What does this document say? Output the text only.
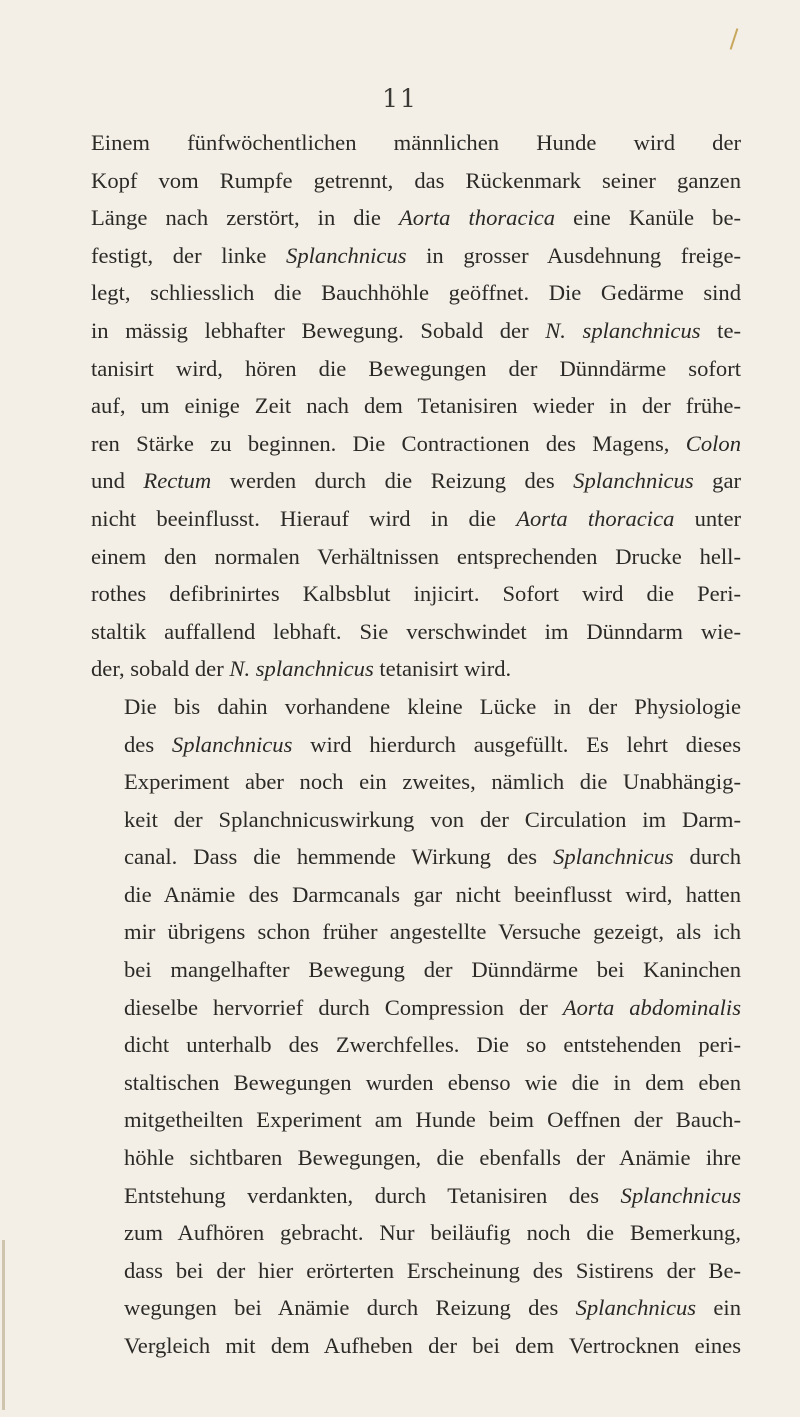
11

Einem fünfwöchentlichen männlichen Hunde wird der
Kopf vom Rumpfe getrennt, das Rückenmark seiner ganzen
Länge nach zerstört, in die Aorta thoracica eine Kanüle be-
festigt, der linke Splanchnicus in grosser Ausdehnung freige-
legt, schliesslich die Bauchhöhle geöffnet. Die Gedärme sind
in mässig lebhafter Bewegung. Sobald der N. splanchnicus te-
tanisirt wird, hören die Bewegungen der Dünndärme sofort
auf, um einige Zeit nach dem Tetanisiren wieder in der frühe-
ren Stärke zu beginnen. Die Contractionen des Magens, Colon
und Rectum werden durch die Reizung des Splanchnicus gar
nicht beeinflusst. Hierauf wird in die Aorta thoracica unter
einem den normalen Verhältnissen entsprechenden Drucke hell-
rothes defibrinirtes Kalbsblut injicirt. Sofort wird die Peri-
staltik auffallend lebhaft. Sie verschwindet im Dünndarm wie-
der, sobald der N. splanchnicus tetanisirt wird.

Die bis dahin vorhandene kleine Lücke in der Physiologie
des Splanchnicus wird hierdurch ausgefüllt. Es lehrt dieses
Experiment aber noch ein zweites, nämlich die Unabhängig-
keit der Splanchnicuswirkung von der Circulation im Darm-
canal. Dass die hemmende Wirkung des Splanchnicus durch
die Anämie des Darmcanals gar nicht beeinflusst wird, hatten
mir übrigens schon früher angestellte Versuche gezeigt, als ich
bei mangelhafter Bewegung der Dünndärme bei Kaninchen
dieselbe hervorrief durch Compression der Aorta abdominalis
dicht unterhalb des Zwerchfelles. Die so entstehenden peri-
staltischen Bewegungen wurden ebenso wie die in dem eben
mitgetheilten Experiment am Hunde beim Oeffnen der Bauch-
höhle sichtbaren Bewegungen, die ebenfalls der Anämie ihre
Entstehung verdankten, durch Tetanisiren des Splanchnicus
zum Aufhören gebracht. Nur beiläufig noch die Bemerkung,
dass bei der hier erörterten Erscheinung des Sistirens der Be-
wegungen bei Anämie durch Reizung des Splanchnicus ein
Vergleich mit dem Aufheben der bei dem Vertrocknen eines
